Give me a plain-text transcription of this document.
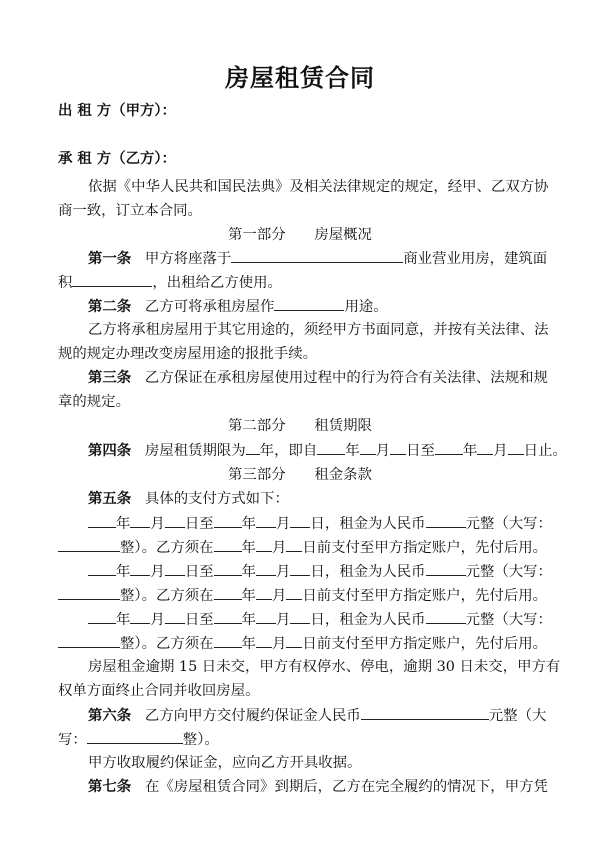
房屋租赁合同
出 租 方（甲方）：
承 租 方（乙方）：
依据《中华人民共和国民法典》及相关法律规定的规定，经甲、乙双方协
商一致，订立本合同。
第一部分　　房屋概况
第一条 甲方将座落于	商业营业用房，建筑面
积	，出租给乙方使用。
第二条 乙方可将承租房屋作	用途。
乙方将承租房屋用于其它用途的，须经甲方书面同意，并按有关法律、法
规的规定办理改变房屋用途的报批手续。
第三条 乙方保证在承租房屋使用过程中的行为符合有关法律、法规和规
章的规定。
第二部分　　租赁期限
第四条 房屋租赁期限为 年，即自 年 月 日至 年 月 日止。
第三部分　　租金条款
第五条 具体的支付方式如下：
年 月 日至 年 月 日，租金为人民币	元整（大写：
整）。乙方须在 年 月 日前支付至甲方指定账户，先付后用。
年 月 日至 年 月 日，租金为人民币	元整（大写：
整）。乙方须在 年 月 日前支付至甲方指定账户，先付后用。
年 月 日至 年 月 日，租金为人民币	元整（大写：
整）。乙方须在 年 月 日前支付至甲方指定账户，先付后用。
房屋租金逾期 15 日未交，甲方有权停水、停电，逾期 30 日未交，甲方有
权单方面终止合同并收回房屋。
第六条 乙方向甲方交付履约保证金人民币	元整（大
写：	整）。
甲方收取履约保证金，应向乙方开具收据。
第七条 在《房屋租赁合同》到期后，乙方在完全履约的情况下，甲方凭
